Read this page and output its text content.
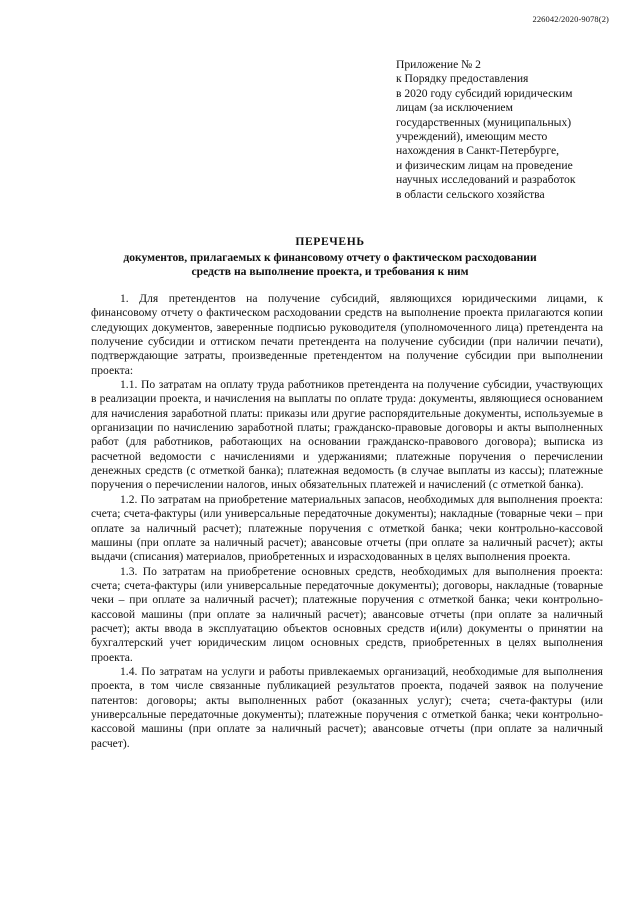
226042/2020-9078(2)
Приложение № 2
к Порядку предоставления
в 2020 году субсидий юридическим
лицам (за исключением
государственных (муниципальных)
учреждений), имеющим место
нахождения в Санкт-Петербурге,
и физическим лицам на проведение
научных исследований и разработок
в области сельского хозяйства
ПЕРЕЧЕНЬ
документов, прилагаемых к финансовому отчету о фактическом расходовании
средств на выполнение проекта, и требования к ним

1. Для претендентов на получение субсидий, являющихся юридическими лицами, к финансовому отчету о фактическом расходовании средств на выполнение проекта прилагаются копии следующих документов, заверенные подписью руководителя (уполномоченного лица) претендента на получение субсидии и оттиском печати претендента на получение субсидии (при наличии печати), подтверждающие затраты, произведенные претендентом на получение субсидии при выполнении проекта:

1.1. По затратам на оплату труда работников претендента на получение субсидии, участвующих в реализации проекта, и начисления на выплаты по оплате труда: документы, являющиеся основанием для начисления заработной платы: приказы или другие распорядительные документы, используемые в организации по начислению заработной платы; гражданско-правовые договоры и акты выполненных работ (для работников, работающих на основании гражданско-правового договора); выписка из расчетной ведомости с начислениями и удержаниями; платежные поручения о перечислении денежных средств (с отметкой банка); платежная ведомость (в случае выплаты из кассы); платежные поручения о перечислении налогов, иных обязательных платежей и начислений (с отметкой банка).

1.2. По затратам на приобретение материальных запасов, необходимых для выполнения проекта: счета; счета-фактуры (или универсальные передаточные документы); накладные (товарные чеки – при оплате за наличный расчет); платежные поручения с отметкой банка; чеки контрольно-кассовой машины (при оплате за наличный расчет); авансовые отчеты (при оплате за наличный расчет); акты выдачи (списания) материалов, приобретенных и израсходованных в целях выполнения проекта.

1.3. По затратам на приобретение основных средств, необходимых для выполнения проекта: счета; счета-фактуры (или универсальные передаточные документы); договоры, накладные (товарные чеки – при оплате за наличный расчет); платежные поручения с отметкой банка; чеки контрольно-кассовой машины (при оплате за наличный расчет); авансовые отчеты (при оплате за наличный расчет); акты ввода в эксплуатацию объектов основных средств и(или) документы о принятии на бухгалтерский учет юридическим лицом основных средств, приобретенных в целях выполнения проекта.

1.4. По затратам на услуги и работы привлекаемых организаций, необходимые для выполнения проекта, в том числе связанные публикацией результатов проекта, подачей заявок на получение патентов: договоры; акты выполненных работ (оказанных услуг); счета; счета-фактуры (или универсальные передаточные документы); платежные поручения с отметкой банка; чеки контрольно-кассовой машины (при оплате за наличный расчет); авансовые отчеты (при оплате за наличный расчет).
